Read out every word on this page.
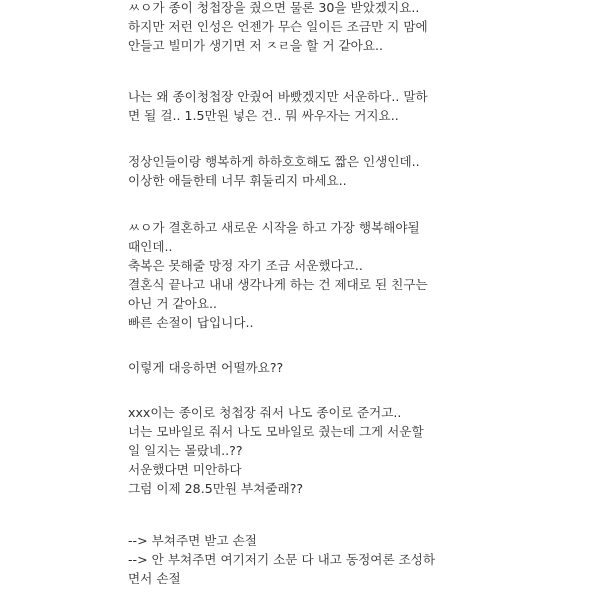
ㅆㅇ가 종이 청첩장을 줬으면 물론 30을 받았겠지요..
하지만 저런 인성은 언젠가 무슨 일이든 조금만 지 맘에
안들고 빌미가 생기면 저 ㅈㄹ을 할 거 같아요..

나는 왜 종이청첩장 안줬어 바빴겠지만 서운하다.. 말하
면 될 걸.. 1.5만원 넣은 건.. 뭐 싸우자는 거지요..

정상인들이랑 행복하게 하하호호해도 짧은 인생인데..
이상한 애들한테 너무 휘둘리지 마세요..

ㅆㅇ가 결혼하고 새로운 시작을 하고 가장 행복해야될
때인데..
축복은 못해줄 망정 자기 조금 서운했다고..
결혼식 끝나고 내내 생각나게 하는 건 제대로 된 친구는
아닌 거 같아요..
빠른 손절이 답입니다..

이렇게 대응하면 어떨까요??

xxx이는 종이로 청첩장 줘서 나도 종이로 준거고..
너는 모바일로 줘서 나도 모바일로 줬는데 그게 서운할
일 일지는 몰랐네..??
서운했다면 미안하다
그럼 이제 28.5만원 부쳐줄래??

--> 부쳐주면 받고 손절
--> 안 부쳐주면 여기저기 소문 다 내고 동정여론 조성하
면서 손절
